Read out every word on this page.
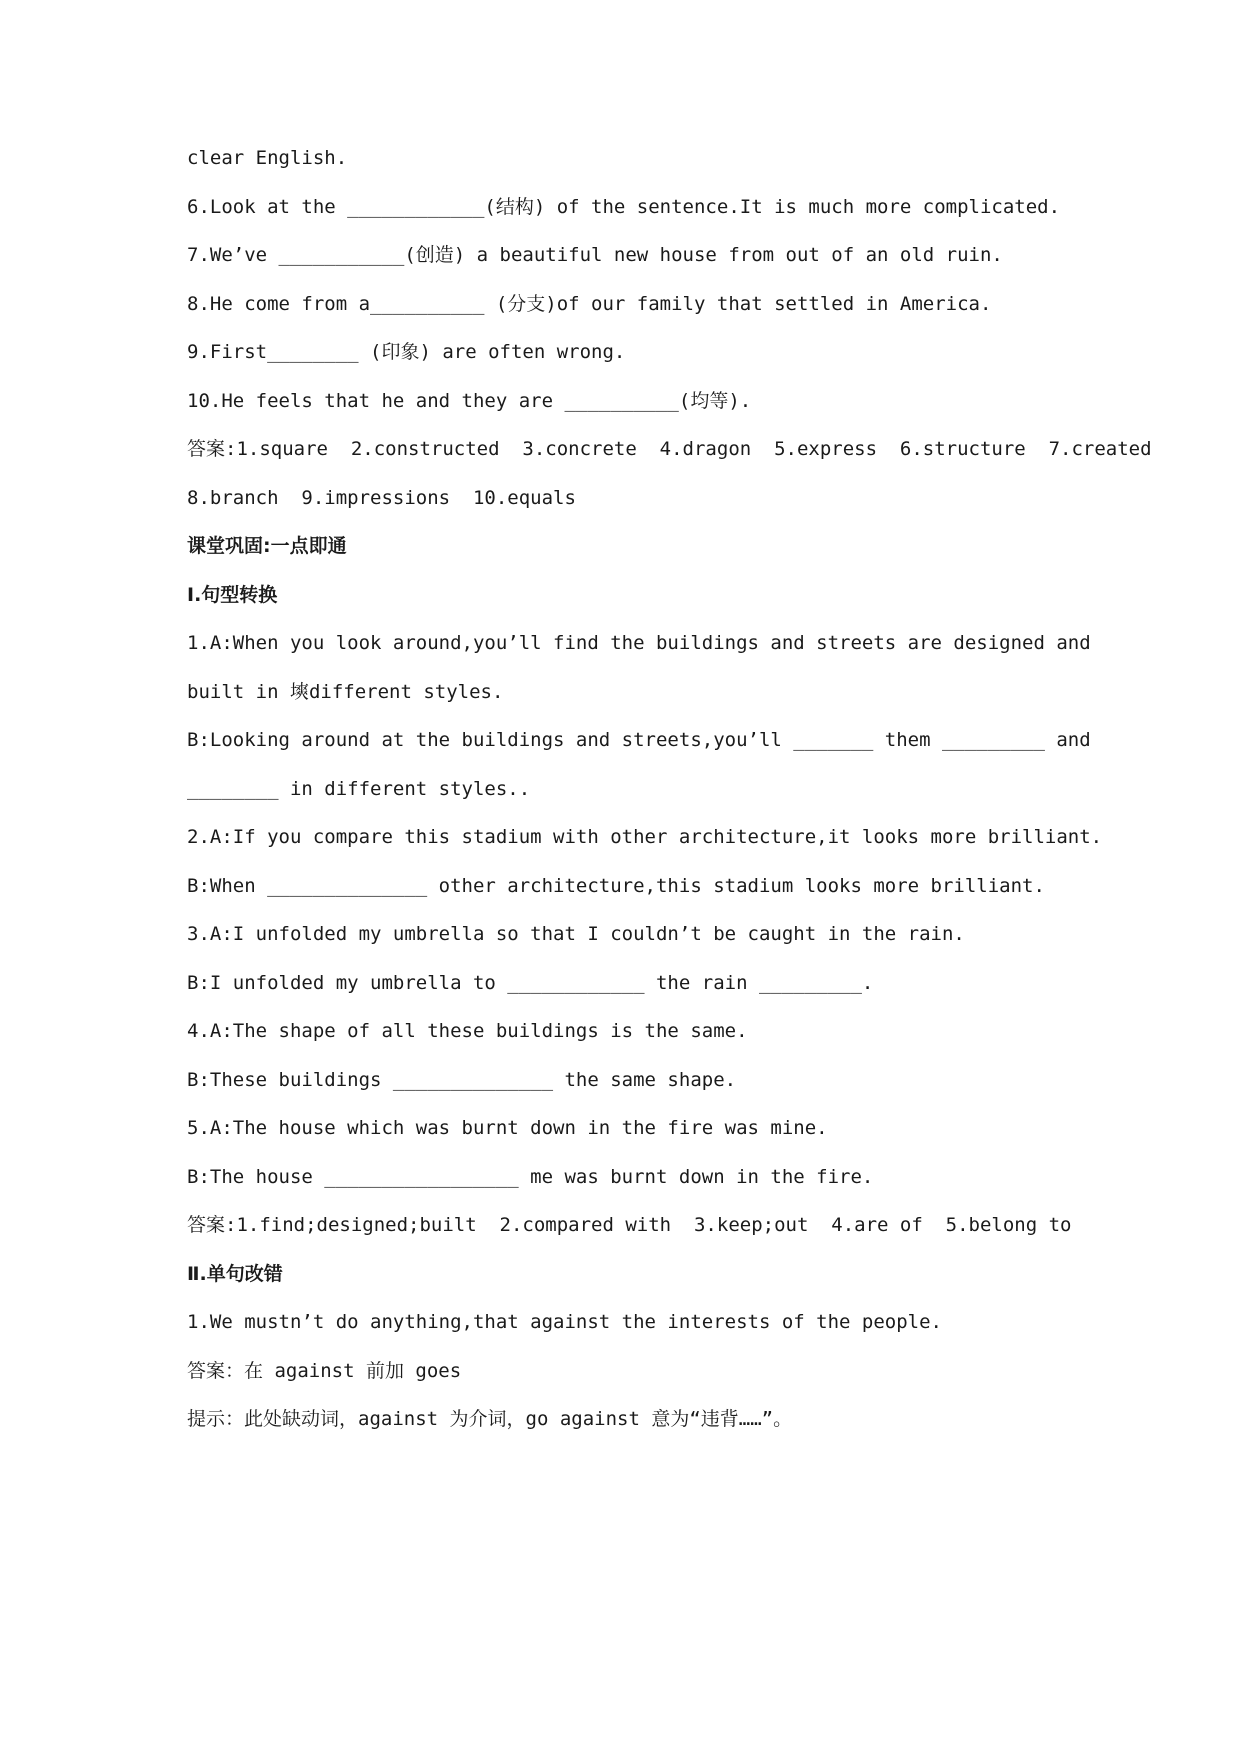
clear English.
6.Look at the ____________(结构) of the sentence.It is much more complicated.
7.We’ve ___________(创造) a beautiful new house from out of an old ruin.
8.He come from a__________ (分支)of our family that settled in America.
9.First________ (印象) are often wrong.
10.He feels that he and they are __________(均等).
答案:1.square  2.constructed  3.concrete  4.dragon  5.express  6.structure  7.created
8.branch  9.impressions  10.equals
课堂巩固:一点即通
Ⅰ.句型转换
1.A:When you look around,you’ll find the buildings and streets are designed and
built in 塽different styles.
B:Looking around at the buildings and streets,you’ll _______ them _________ and
________ in different styles..
2.A:If you compare this stadium with other architecture,it looks more brilliant.
B:When ______________ other architecture,this stadium looks more brilliant.
3.A:I unfolded my umbrella so that I couldn’t be caught in the rain.
B:I unfolded my umbrella to ____________ the rain _________.
4.A:The shape of all these buildings is the same.
B:These buildings ______________ the same shape.
5.A:The house which was burnt down in the fire was mine.
B:The house _________________ me was burnt down in the fire.
答案:1.find;designed;built  2.compared with  3.keep;out  4.are of  5.belong to
Ⅱ.单句改错
1.We mustn’t do anything,that against the interests of the people.
答案：在 against 前加 goes
提示：此处缺动词，against 为介词，go against 意为“违背……”。
